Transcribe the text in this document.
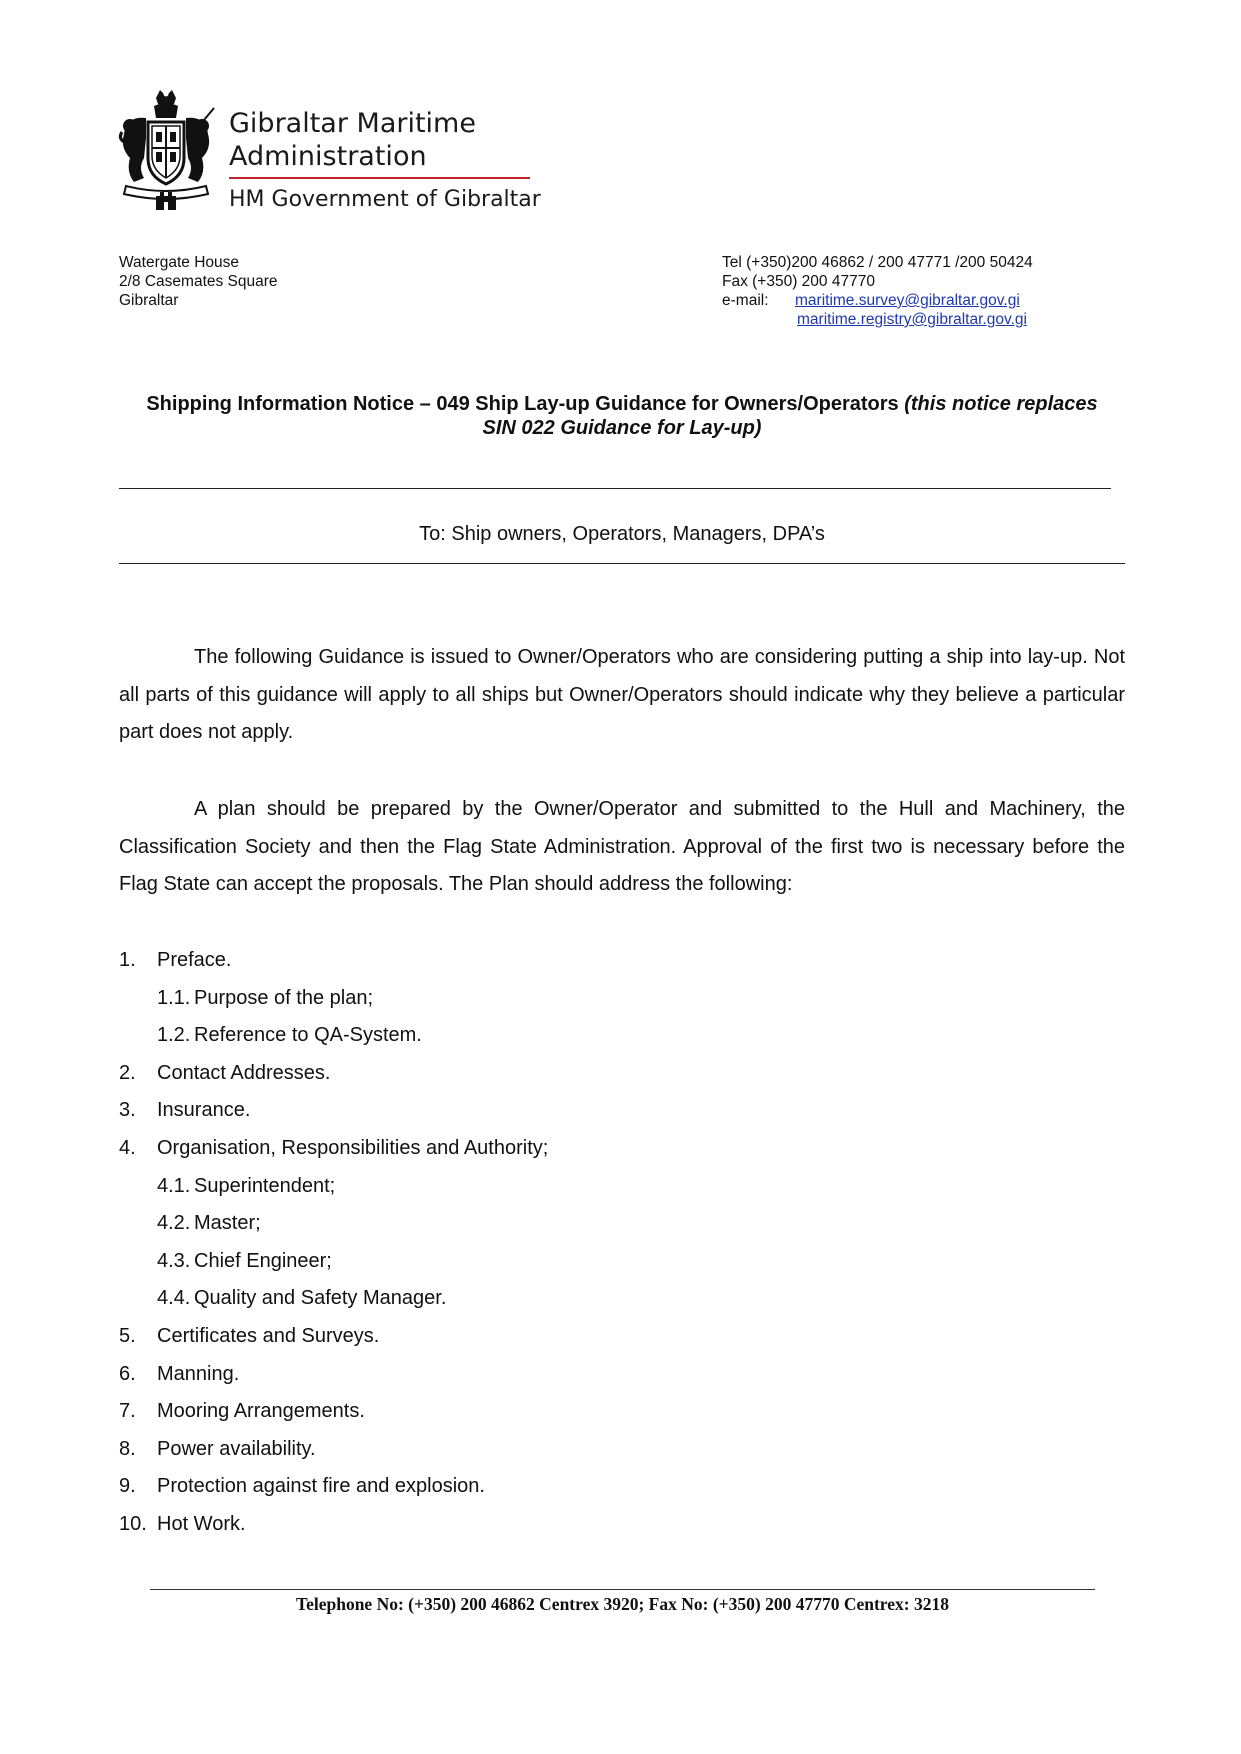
Gibraltar Maritime
Administration
HM Government of Gibraltar
Watergate House
2/8 Casemates Square
Gibraltar
Tel (+350)200 46862 / 200 47771 /200 50424
Fax (+350) 200 47770
e-mail: maritime.survey@gibraltar.gov.gi
maritime.registry@gibraltar.gov.gi
Shipping Information Notice – 049 Ship Lay-up Guidance for Owners/Operators (this notice replaces
SIN 022 Guidance for Lay-up)
To: Ship owners, Operators, Managers, DPA’s
The following Guidance is issued to Owner/Operators who are considering putting a ship into lay-up. Not all parts of this guidance will apply to all ships but Owner/Operators should indicate why they believe a particular part does not apply.
A plan should be prepared by the Owner/Operator and submitted to the Hull and Machinery, the Classification Society and then the Flag State Administration. Approval of the first two is necessary before the Flag State can accept the proposals. The Plan should address the following:
1. Preface.
1.1. Purpose of the plan;
1.2. Reference to QA-System.
2. Contact Addresses.
3. Insurance.
4. Organisation, Responsibilities and Authority;
4.1. Superintendent;
4.2. Master;
4.3. Chief Engineer;
4.4. Quality and Safety Manager.
5. Certificates and Surveys.
6. Manning.
7. Mooring Arrangements.
8. Power availability.
9. Protection against fire and explosion.
10. Hot Work.
Telephone No: (+350) 200 46862 Centrex 3920; Fax No: (+350) 200 47770 Centrex: 3218
